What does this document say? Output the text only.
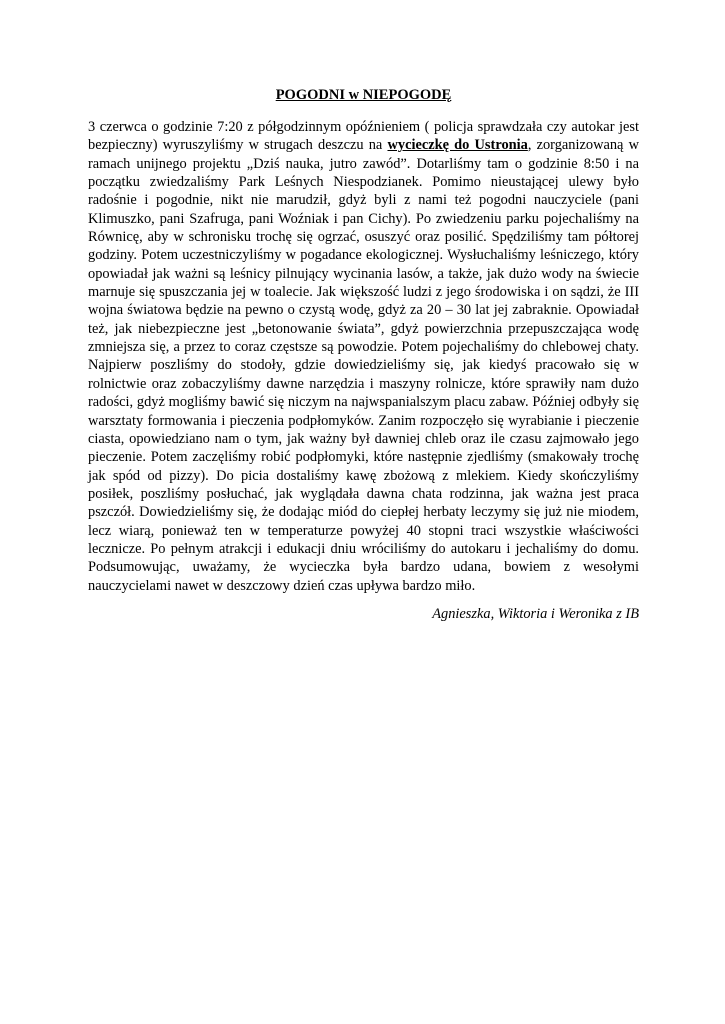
POGODNI w NIEPOGODĘ

3 czerwca o godzinie 7:20 z półgodzinnym opóźnieniem ( policja sprawdzała czy autokar jest bezpieczny) wyruszyliśmy w strugach deszczu na wycieczkę do Ustronia, zorganizowaną w ramach unijnego projektu „Dziś nauka, jutro zawód”. Dotarliśmy tam o godzinie 8:50 i na początku zwiedzaliśmy Park Leśnych Niespodzianek. Pomimo nieustającej ulewy było radośnie i pogodnie, nikt nie marudził, gdyż byli z nami też pogodni nauczyciele (pani Klimuszko, pani Szafruga, pani Woźniak i pan Cichy). Po zwiedzeniu parku pojechaliśmy na Równicę, aby w schronisku trochę się ogrzać, osuszyć oraz posilić. Spędziliśmy tam półtorej godziny. Potem uczestniczyliśmy w pogadance ekologicznej. Wysłuchaliśmy leśniczego, który opowiadał jak ważni są leśnicy pilnujący wycinania lasów, a także, jak dużo wody na świecie marnuje się spuszczania jej w toalecie. Jak większość ludzi z jego środowiska i on sądzi, że III wojna światowa będzie na pewno o czystą wodę, gdyż za 20 – 30 lat jej zabraknie. Opowiadał też, jak niebezpieczne jest „betonowanie świata”, gdyż powierzchnia przepuszczająca wodę zmniejsza się, a przez to coraz częstsze są powodzie. Potem pojechaliśmy do chlebowej chaty. Najpierw poszliśmy do stodoły, gdzie dowiedzieliśmy się, jak kiedyś pracowało się w rolnictwie oraz zobaczyliśmy dawne narzędzia i maszyny rolnicze, które sprawiły nam dużo radości, gdyż mogliśmy bawić się niczym na najwspanialszym placu zabaw. Później odbyły się warsztaty formowania i pieczenia podpłomyków. Zanim rozpoczęło się wyrabianie i pieczenie ciasta, opowiedziano nam o tym, jak ważny był dawniej chleb oraz ile czasu zajmowało jego pieczenie. Potem zaczęliśmy robić podpłomyki, które następnie zjedliśmy (smakowały trochę jak spód od pizzy). Do picia dostaliśmy kawę zbożową z mlekiem. Kiedy skończyliśmy posiłek, poszliśmy posłuchać, jak wyglądała dawna chata rodzinna, jak ważna jest praca pszczół. Dowiedzieliśmy się, że dodając miód do ciepłej herbaty leczymy się już nie miodem, lecz wiarą, ponieważ ten w temperaturze powyżej 40 stopni traci wszystkie właściwości lecznicze. Po pełnym atrakcji i edukacji dniu wróciliśmy do autokaru i jechaliśmy do domu. Podsumowując, uważamy, że wycieczka była bardzo udana, bowiem z wesołymi nauczycielami nawet w deszczowy dzień czas upływa bardzo miło.

Agnieszka, Wiktoria i Weronika z IB
